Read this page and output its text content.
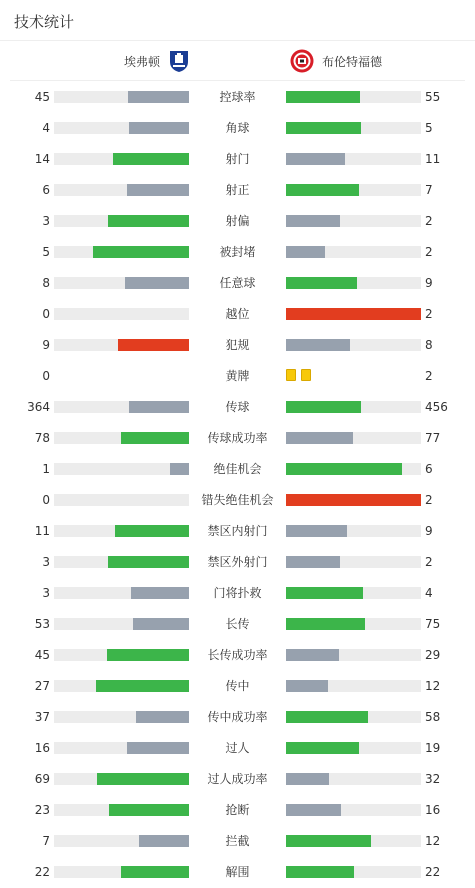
技术统计
埃弗顿	布伦特福德
45	控球率	55
4	角球	5
14	射门	11
6	射正	7
3	射偏	2
5	被封堵	2
8	任意球	9
0	越位	2
9	犯规	8
0	黄牌	2
364	传球	456
78	传球成功率	77
1	绝佳机会	6
0	错失绝佳机会	2
11	禁区内射门	9
3	禁区外射门	2
3	门将扑救	4
53	长传	75
45	长传成功率	29
27	传中	12
37	传中成功率	58
16	过人	19
69	过人成功率	32
23	抢断	16
7	拦截	12
22	解围	22
